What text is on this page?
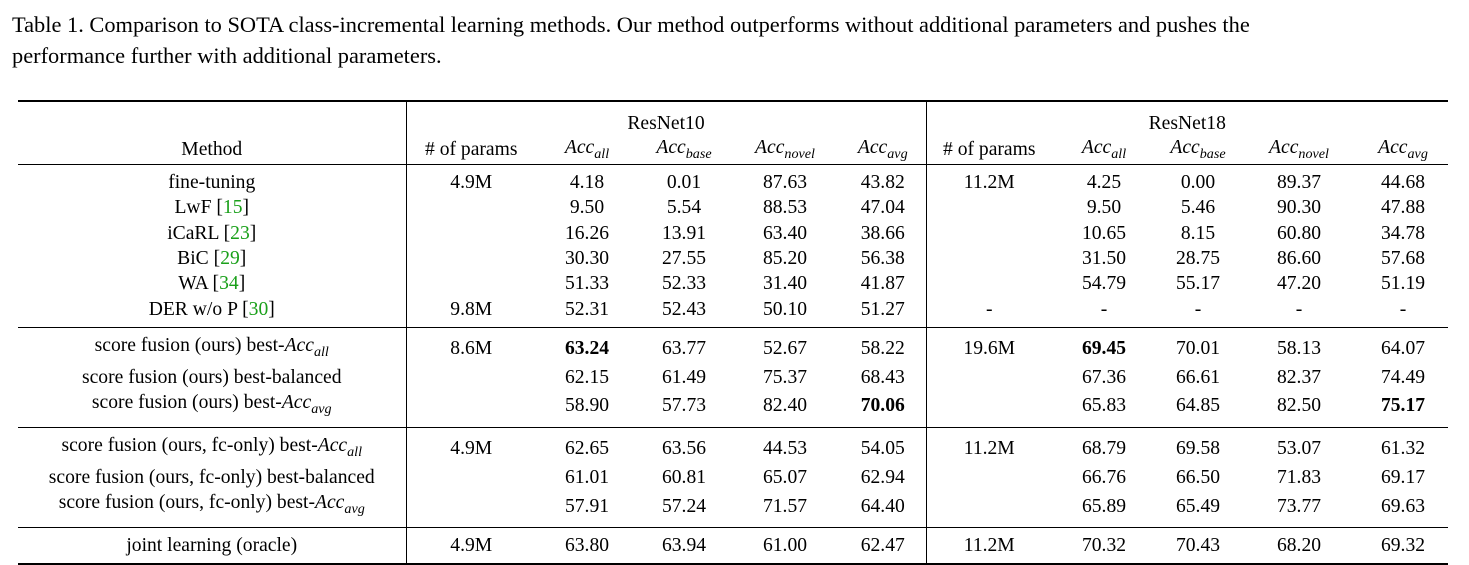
Table 1. Comparison to SOTA class-incremental learning methods. Our method outperforms without additional parameters and pushes the
performance further with additional parameters.
	ResNet10					ResNet18				
Method	# of params	Acc$_{all}$	Acc$_{base}$	Acc$_{novel}$	Acc$_{avg}$	# of params	Acc$_{all}$	Acc$_{base}$	Acc$_{novel}$	Acc$_{avg}$
fine-tuning	4.9M	4.18	0.01	87.63	43.82	11.2M	4.25	0.00	89.37	44.68
LwF [15]		9.50	5.54	88.53	47.04		9.50	5.46	90.30	47.88
iCaRL [23]		16.26	13.91	63.40	38.66		10.65	8.15	60.80	34.78
BiC [29]		30.30	27.55	85.20	56.38		31.50	28.75	86.60	57.68
WA [34]		51.33	52.33	31.40	41.87		54.79	55.17	47.20	51.19
DER w/o P [30]	9.8M	52.31	52.43	50.10	51.27	-	-	-	-	-
score fusion (ours) best-Acc$_{all}$	8.6M	63.24	63.77	52.67	58.22	19.6M	69.45	70.01	58.13	64.07
score fusion (ours) best-balanced		62.15	61.49	75.37	68.43		67.36	66.61	82.37	74.49
score fusion (ours) best-Acc$_{avg}$		58.90	57.73	82.40	70.06		65.83	64.85	82.50	75.17
score fusion (ours, fc-only) best-Acc$_{all}$	4.9M	62.65	63.56	44.53	54.05	11.2M	68.79	69.58	53.07	61.32
score fusion (ours, fc-only) best-balanced		61.01	60.81	65.07	62.94		66.76	66.50	71.83	69.17
score fusion (ours, fc-only) best-Acc$_{avg}$		57.91	57.24	71.57	64.40		65.89	65.49	73.77	69.63
joint learning (oracle)	4.9M	63.80	63.94	61.00	62.47	11.2M	70.32	70.43	68.20	69.32
